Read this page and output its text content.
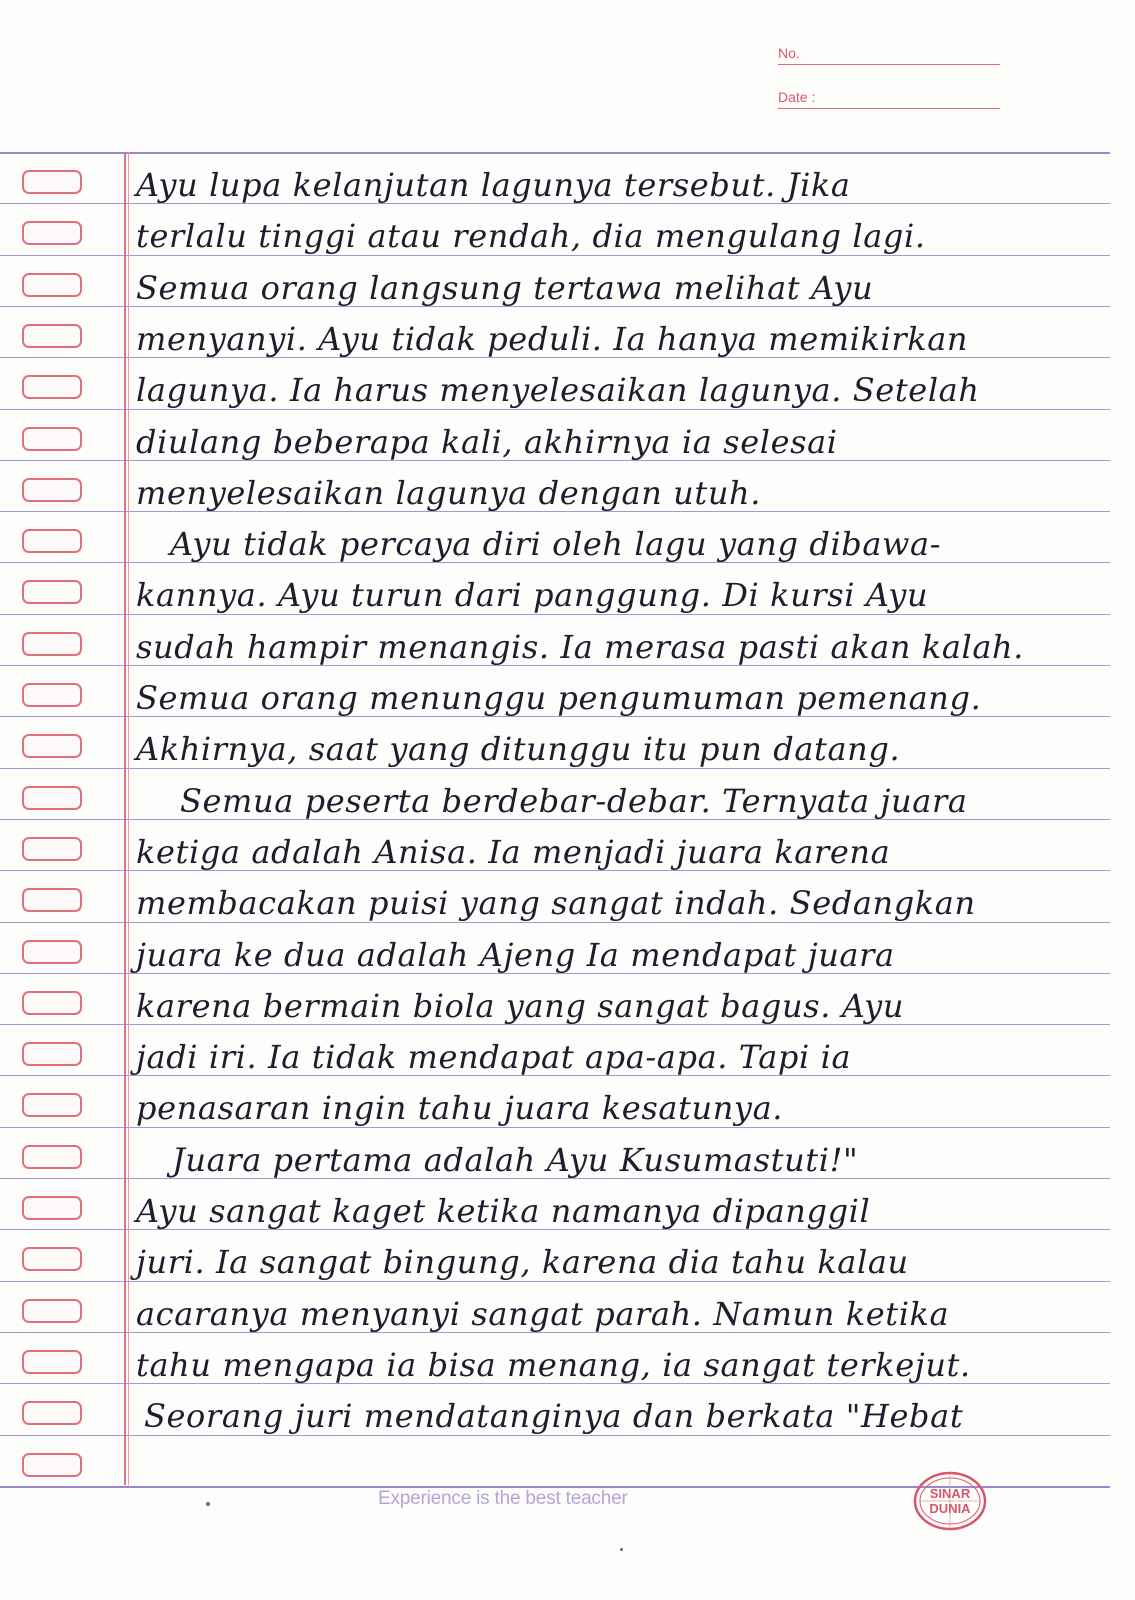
No.
Date :
Ayu lupa kelanjutan lagunya tersebut. Jika
terlalu tinggi atau rendah, dia mengulang lagi.
Semua orang langsung tertawa melihat Ayu
menyanyi. Ayu tidak peduli. Ia hanya memikirkan
lagunya. Ia harus menyelesaikan lagunya. Setelah
diulang beberapa kali, akhirnya ia selesai
menyelesaikan lagunya dengan utuh.
Ayu tidak percaya diri oleh lagu yang dibawa-
kannya. Ayu turun dari panggung. Di kursi Ayu
sudah hampir menangis. Ia merasa pasti akan kalah.
Semua orang menunggu pengumuman pemenang.
Akhirnya, saat yang ditunggu itu pun datang.
Semua peserta berdebar-debar. Ternyata juara
ketiga adalah Anisa. Ia menjadi juara karena
membacakan puisi yang sangat indah. Sedangkan
juara ke dua adalah Ajeng Ia mendapat juara
karena bermain biola yang sangat bagus. Ayu
jadi iri. Ia tidak mendapat apa-apa. Tapi ia
penasaran ingin tahu juara kesatunya.
Juara pertama adalah Ayu Kusumastuti!"
Ayu sangat kaget ketika namanya dipanggil
juri. Ia sangat bingung, karena dia tahu kalau
acaranya menyanyi sangat parah. Namun ketika
tahu mengapa ia bisa menang, ia sangat terkejut.
Seorang juri mendatanginya dan berkata "Hebat
Experience is the best teacher	SINAR
DUNIA
